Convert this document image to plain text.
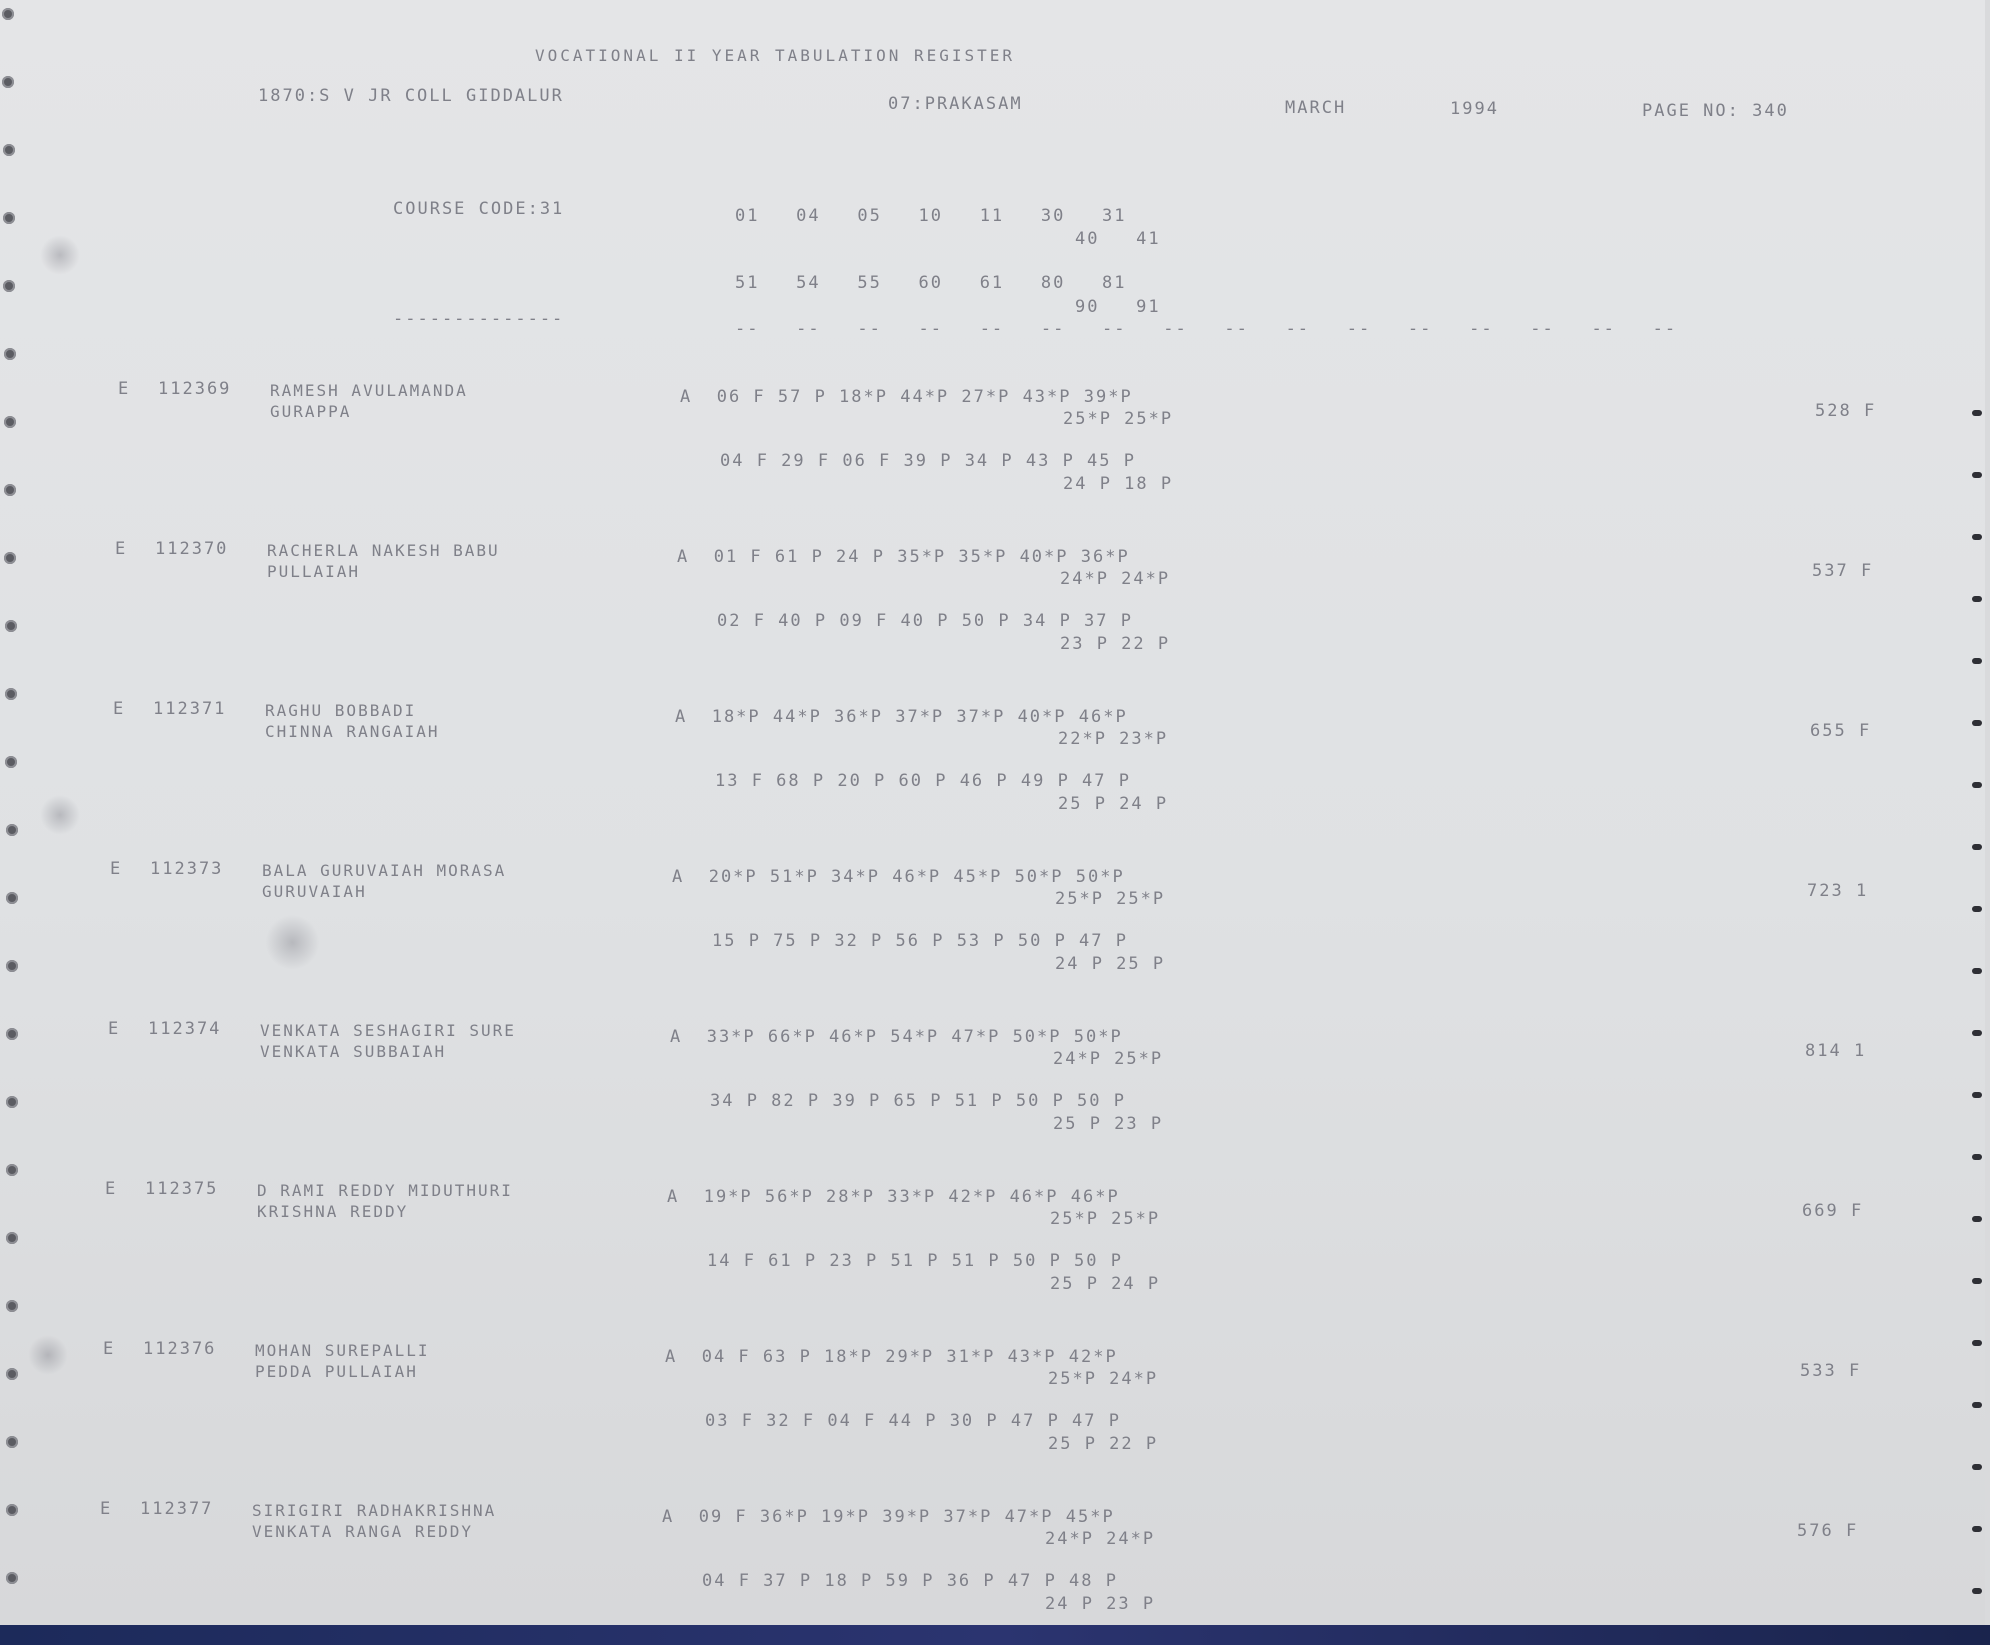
VOCATIONAL II YEAR TABULATION REGISTER
1870:S V JR COLL GIDDALUR	07:PRAKASAM	MARCH	1994	PAGE NO: 340
COURSE CODE:31	01   04   05   10   11   30   31
40   41
51   54   55   60   61   80   81
90   91
--------------	--   --   --   --   --   --   --   --   --   --   --   --   --   --   --   --
E 112369 RAMESH AVULAMANDA
GURAPPA
A  06 F 57 P 18*P 44*P 27*P 43*P 39*P
25*P 25*P
04 F 29 F 06 F 39 P 34 P 43 P 45 P
24 P 18 P
528 F
E 112370 RACHERLA NAKESH BABU
PULLAIAH
A  01 F 61 P 24 P 35*P 35*P 40*P 36*P
24*P 24*P
02 F 40 P 09 F 40 P 50 P 34 P 37 P
23 P 22 P
537 F
E 112371 RAGHU BOBBADI
CHINNA RANGAIAH
A  18*P 44*P 36*P 37*P 37*P 40*P 46*P
22*P 23*P
13 F 68 P 20 P 60 P 46 P 49 P 47 P
25 P 24 P
655 F
E 112373 BALA GURUVAIAH MORASA
GURUVAIAH
A  20*P 51*P 34*P 46*P 45*P 50*P 50*P
25*P 25*P
15 P 75 P 32 P 56 P 53 P 50 P 47 P
24 P 25 P
723 1
E 112374 VENKATA SESHAGIRI SURE
VENKATA SUBBAIAH
A  33*P 66*P 46*P 54*P 47*P 50*P 50*P
24*P 25*P
34 P 82 P 39 P 65 P 51 P 50 P 50 P
25 P 23 P
814 1
E 112375 D RAMI REDDY MIDUTHURI
KRISHNA REDDY
A  19*P 56*P 28*P 33*P 42*P 46*P 46*P
25*P 25*P
14 F 61 P 23 P 51 P 51 P 50 P 50 P
25 P 24 P
669 F
E 112376 MOHAN SUREPALLI
PEDDA PULLAIAH
A  04 F 63 P 18*P 29*P 31*P 43*P 42*P
25*P 24*P
03 F 32 F 04 F 44 P 30 P 47 P 47 P
25 P 22 P
533 F
E 112377 SIRIGIRI RADHAKRISHNA
VENKATA RANGA REDDY
A  09 F 36*P 19*P 39*P 37*P 47*P 45*P
24*P 24*P
04 F 37 P 18 P 59 P 36 P 47 P 48 P
24 P 23 P
576 F
